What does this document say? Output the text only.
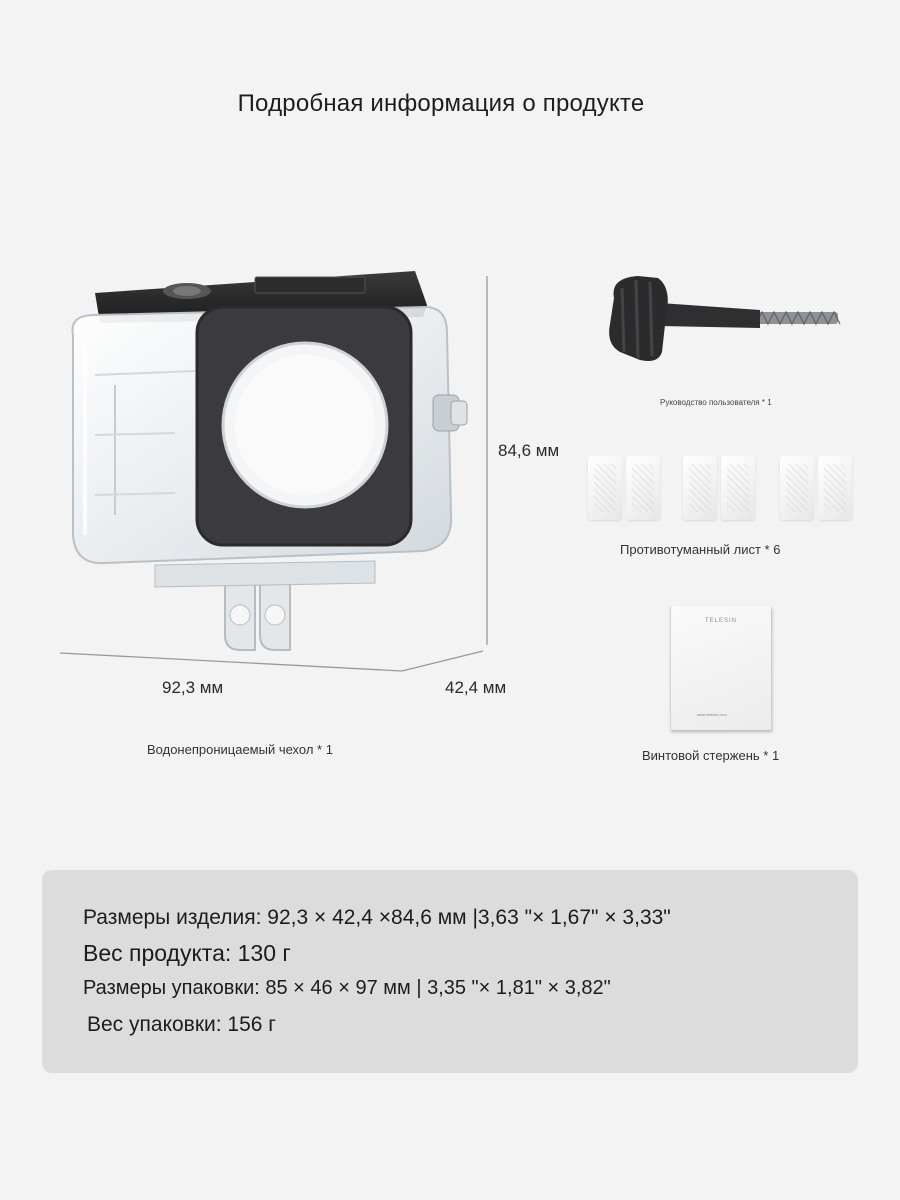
Подробная информация о продукте
84,6 мм
92,3 мм	42,4 мм
Водонепроницаемый чехол * 1
Руководство пользователя * 1
Противотуманный лист * 6
TELESIN
www.telesin.com
Винтовой стержень * 1
Размеры изделия: 92,3 × 42,4 ×84,6 мм |3,63 "× 1,67" × 3,33"
Вес продукта: 130 г
Размеры упаковки: 85 × 46 × 97 мм | 3,35 "× 1,81" × 3,82"
Вес упаковки: 156 г
